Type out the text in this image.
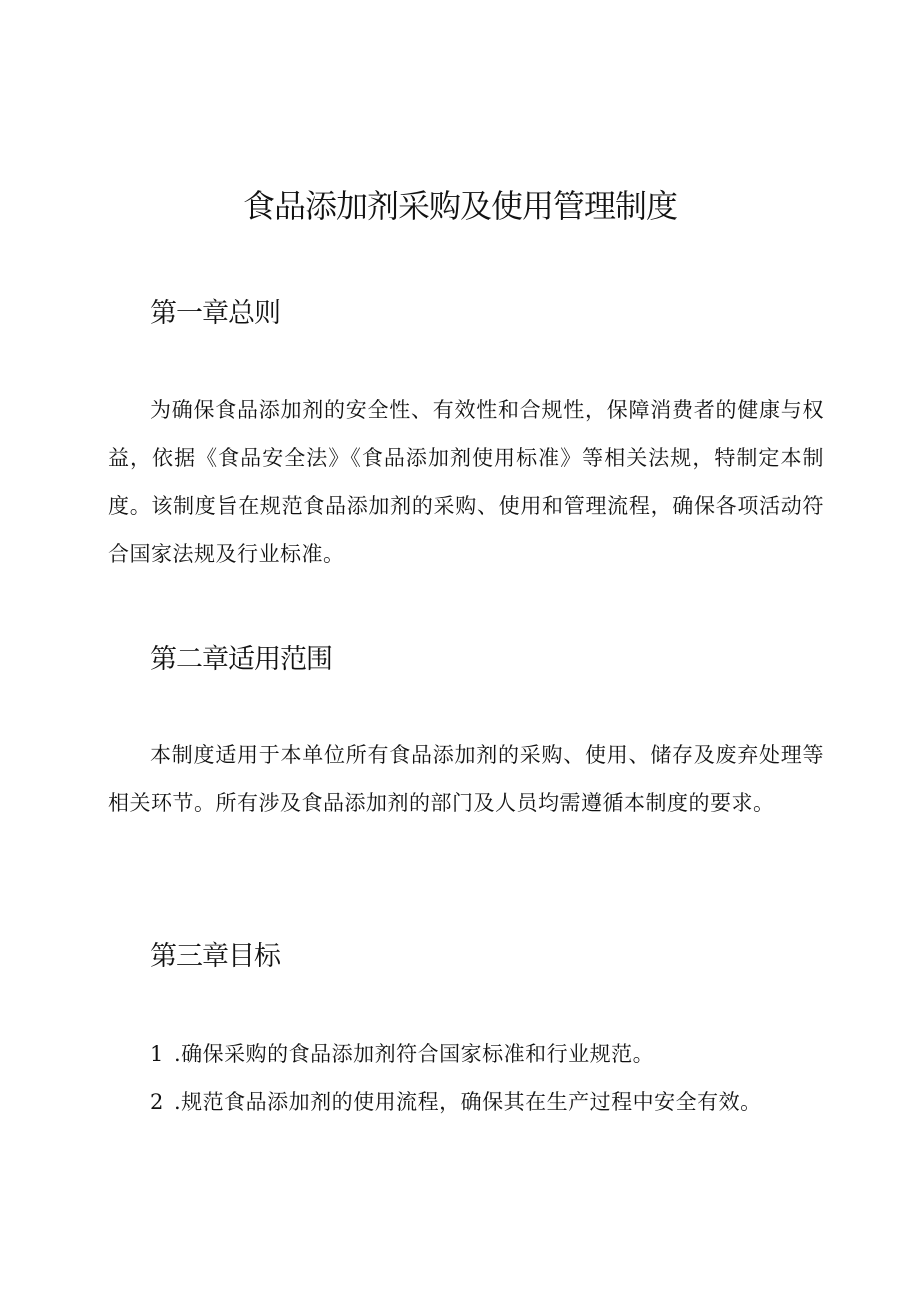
食品添加剂采购及使用管理制度
第一章总则

为确保食品添加剂的安全性、有效性和合规性，保障消费者的健康与权益，依据《食品安全法》《食品添加剂使用标准》等相关法规，特制定本制度。该制度旨在规范食品添加剂的采购、使用和管理流程，确保各项活动符合国家法规及行业标准。

第二章适用范围

本制度适用于本单位所有食品添加剂的采购、使用、储存及废弃处理等相关环节。所有涉及食品添加剂的部门及人员均需遵循本制度的要求。

第三章目标

1 .确保采购的食品添加剂符合国家标准和行业规范。

2 .规范食品添加剂的使用流程，确保其在生产过程中安全有效。
